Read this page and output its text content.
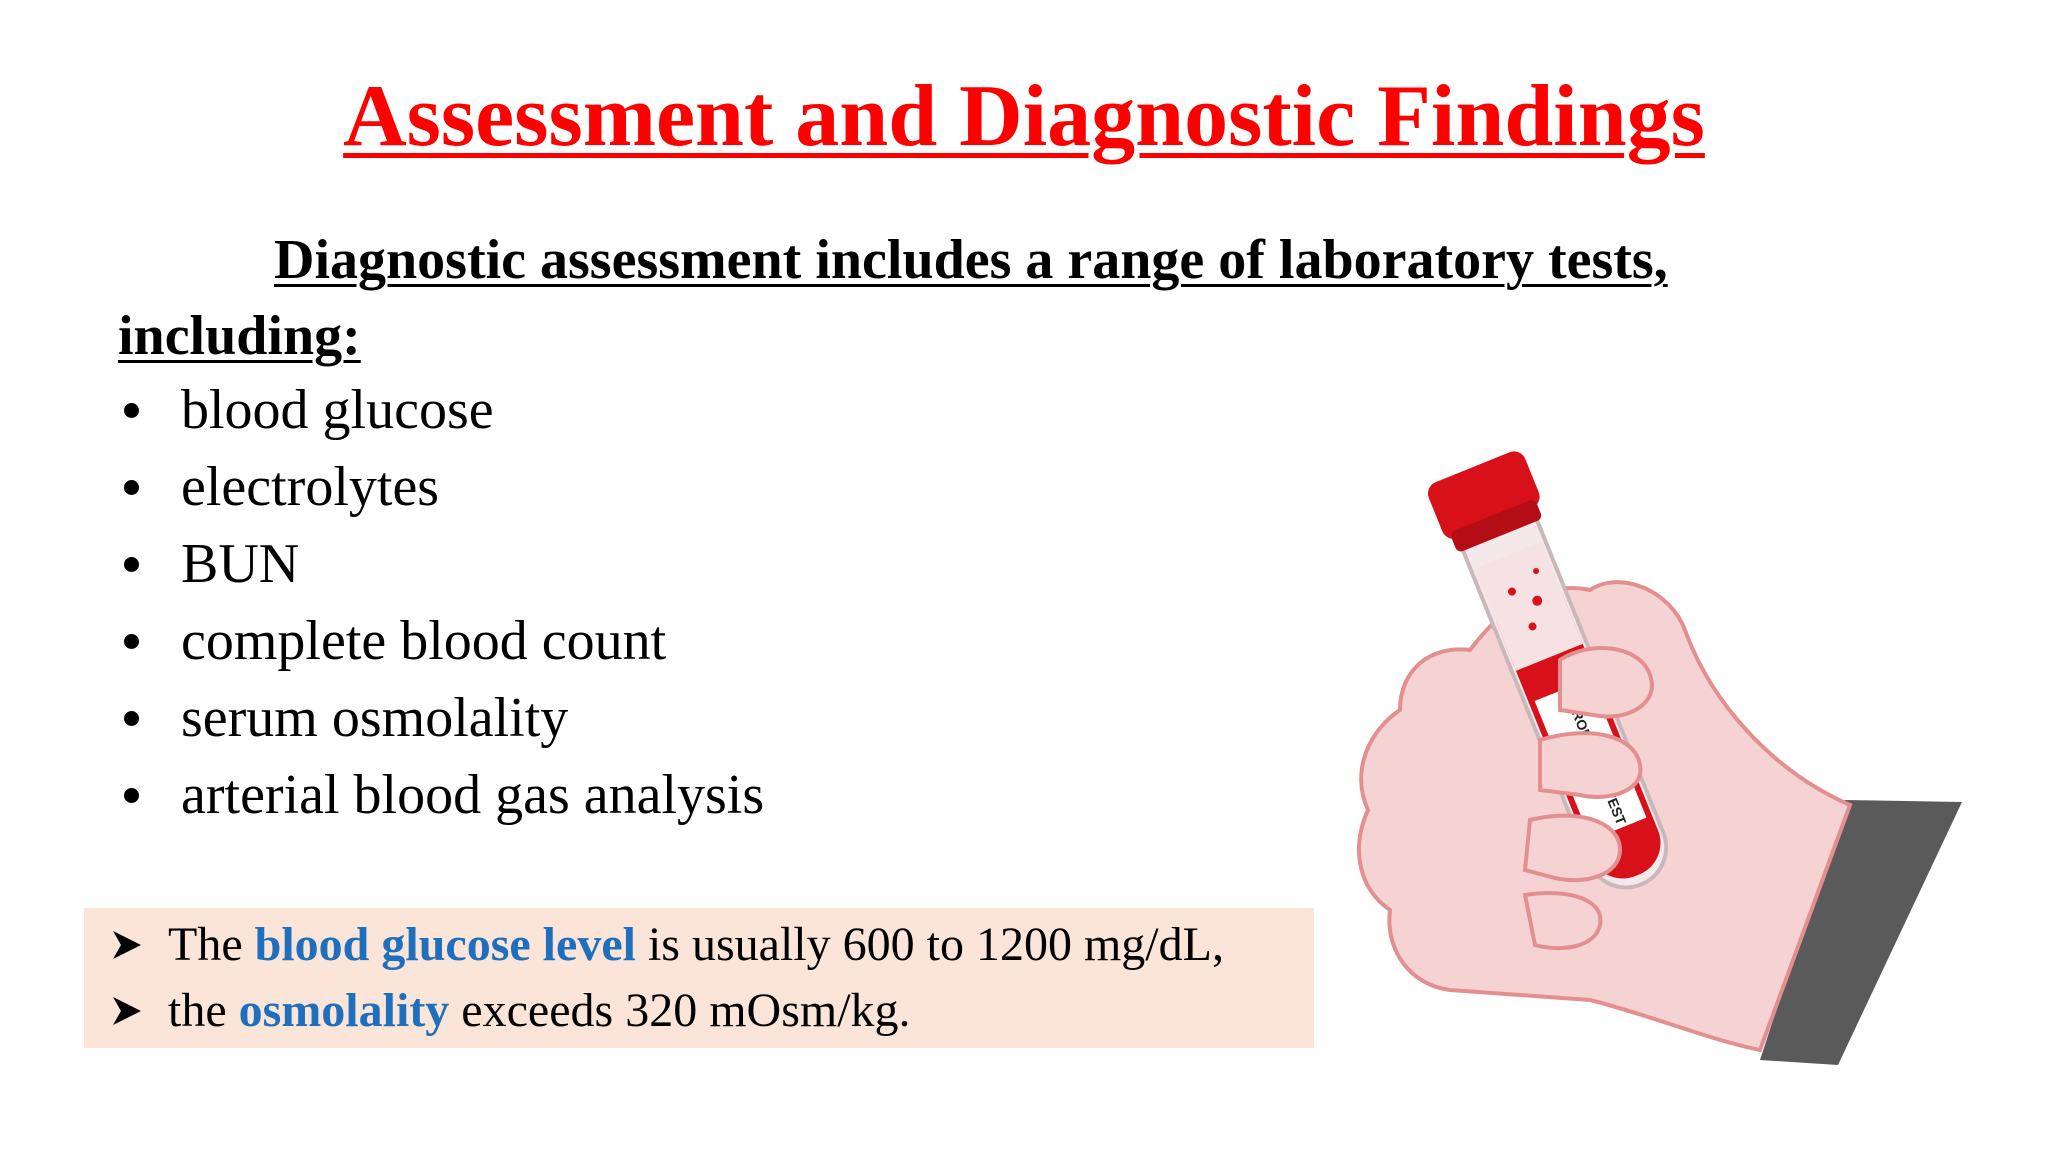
Assessment and Diagnostic Findings

Diagnostic assessment includes a range of laboratory tests, including:

blood glucose
electrolytes
BUN
complete blood count
serum osmolality
arterial blood gas analysis
The blood glucose level is usually 600 to 1200 mg/dL,
the osmolality exceeds 320 mOsm/kg.
